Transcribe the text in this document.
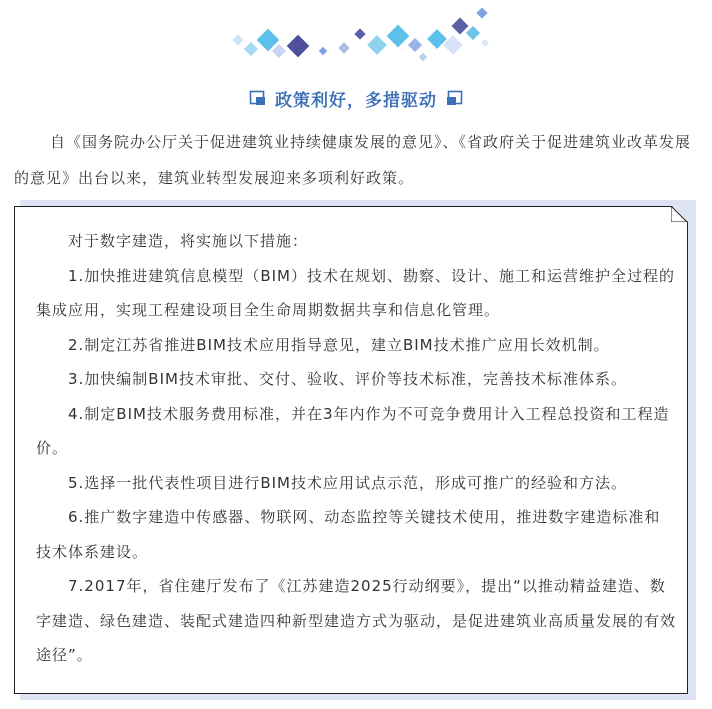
政策利好，多措驱动

自《国务院办公厅关于促进建筑业持续健康发展的意见》、《省政府关于促进建筑业改革发展的意见》出台以来，建筑业转型发展迎来多项利好政策。

对于数字建造，将实施以下措施：

1.加快推进建筑信息模型（BIM）技术在规划、勘察、设计、施工和运营维护全过程的集成应用，实现工程建设项目全生命周期数据共享和信息化管理。

2.制定江苏省推进BIM技术应用指导意见，建立BIM技术推广应用长效机制。

3.加快编制BIM技术审批、交付、验收、评价等技术标准，完善技术标准体系。

4.制定BIM技术服务费用标准，并在3年内作为不可竞争费用计入工程总投资和工程造价。

5.选择一批代表性项目进行BIM技术应用试点示范，形成可推广的经验和方法。

6.推广数字建造中传感器、物联网、动态监控等关键技术使用，推进数字建造标准和技术体系建设。

7.2017年，省住建厅发布了《江苏建造2025行动纲要》，提出“以推动精益建造、数字建造、绿色建造、装配式建造四种新型建造方式为驱动，是促进建筑业高质量发展的有效途径”。
